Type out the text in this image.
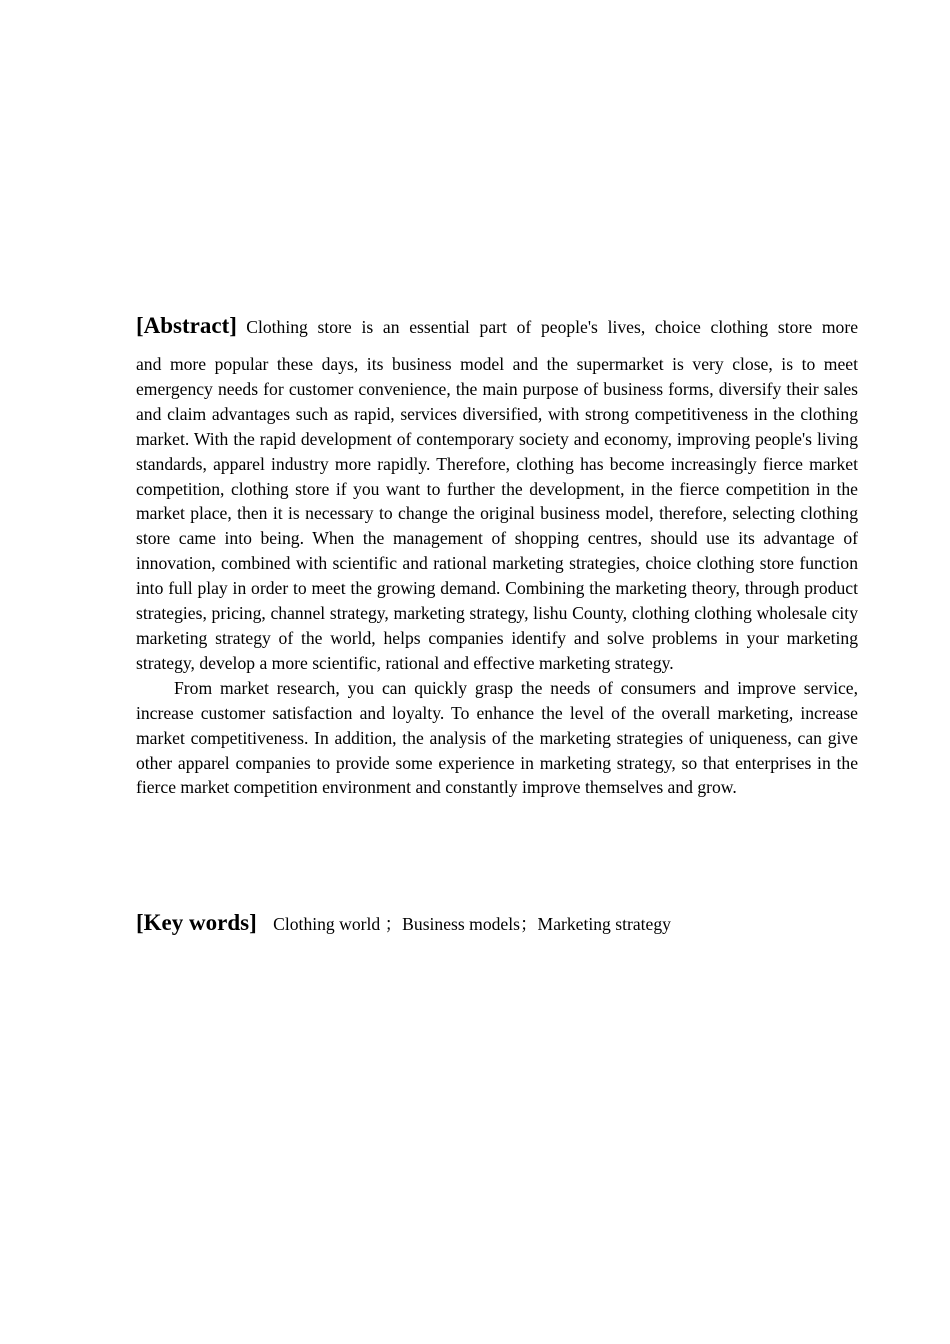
[Abstract] Clothing store is an essential part of people's lives, choice clothing store more

and more popular these days, its business model and the supermarket is very close, is to meet emergency needs for customer convenience, the main purpose of business forms, diversify their sales and claim advantages such as rapid, services diversified, with strong competitiveness in the clothing market. With the rapid development of contemporary society and economy, improving people's living standards, apparel industry more rapidly. Therefore, clothing has become increasingly fierce market competition, clothing store if you want to further the development, in the fierce competition in the market place, then it is necessary to change the original business model, therefore, selecting clothing store came into being. When the management of shopping centres, should use its advantage of innovation, combined with scientific and rational marketing strategies, choice clothing store function into full play in order to meet the growing demand. Combining the marketing theory, through product strategies, pricing, channel strategy, marketing strategy, lishu County, clothing clothing wholesale city marketing strategy of the world, helps companies identify and solve problems in your marketing strategy, develop a more scientific, rational and effective marketing strategy.

From market research, you can quickly grasp the needs of consumers and improve service, increase customer satisfaction and loyalty. To enhance the level of the overall marketing, increase market competitiveness. In addition, the analysis of the marketing strategies of uniqueness, can give other apparel companies to provide some experience in marketing strategy, so that enterprises in the fierce market competition environment and constantly improve themselves and grow.

[Key words] Clothing world ；Business models；Marketing strategy
